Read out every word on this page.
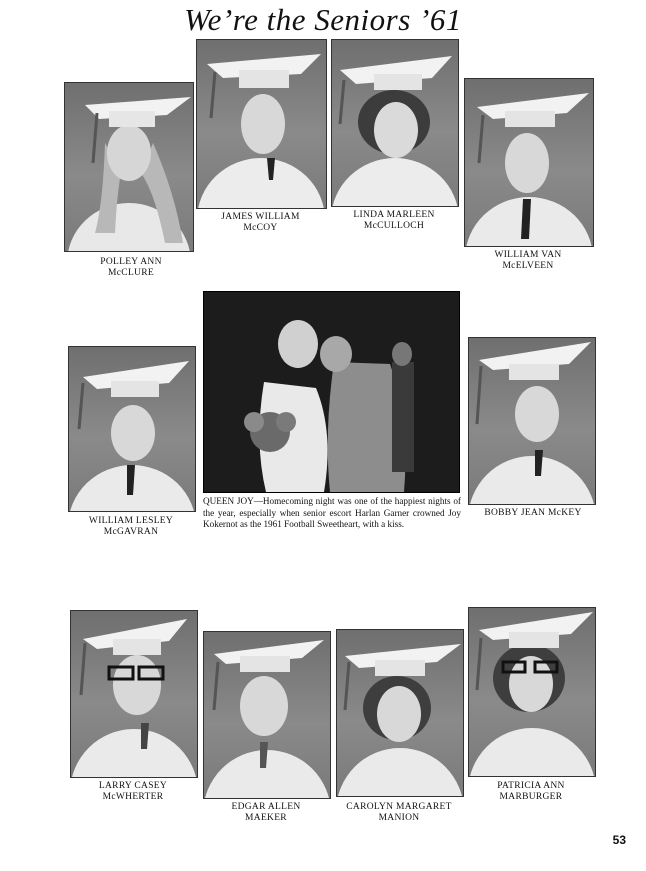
We’re the Seniors ’61
POLLEY ANN
McCLURE
JAMES WILLIAM
McCOY
LINDA MARLEEN
McCULLOCH
WILLIAM VAN
McELVEEN
WILLIAM LESLEY
McGAVRAN
QUEEN JOY—Homecoming night was one of the happiest nights of the year, especially when senior escort Harlan Garner crowned Joy Kokernot as the 1961 Football Sweetheart, with a kiss.
BOBBY JEAN McKEY
LARRY CASEY
McWHERTER
EDGAR ALLEN
MAEKER
CAROLYN MARGARET
MANION
PATRICIA ANN
MARBURGER
53
